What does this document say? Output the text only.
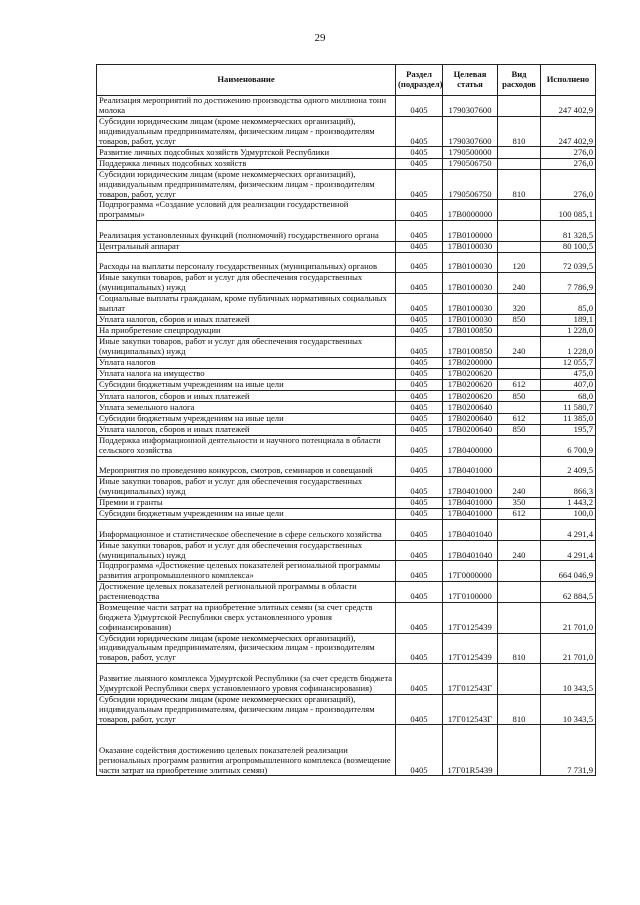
29
Наименование	Раздел (подраздел)	Целевая статья	Вид расходов	Исполнено
Реализация мероприятий по достижению производства одного миллиона тонн молока	0405	1790307600		247 402,9
Субсидии юридическим лицам (кроме некоммерческих организаций), индивидуальным предпринимателям, физическим лицам - производителям товаров, работ, услуг	0405	1790307600	810	247 402,9
Развитие личных подсобных хозяйств Удмуртской Республики	0405	1790500000		276,0
Поддержка личных подсобных хозяйств	0405	1790506750		276,0
Субсидии юридическим лицам (кроме некоммерческих организаций), индивидуальным предпринимателям, физическим лицам - производителям товаров, работ, услуг	0405	1790506750	810	276,0
Подпрограмма «Создание условий для реализации государственной программы»	0405	17В0000000		100 085,1
Реализация установленных функций (полномочий) государственного органа	0405	17В0100000		81 328,5
Центральный аппарат	0405	17В0100030		80 100,5
Расходы на выплаты персоналу государственных (муниципальных) органов	0405	17В0100030	120	72 039,5
Иные закупки товаров, работ и услуг для обеспечения государственных (муниципальных) нужд	0405	17В0100030	240	7 786,9
Социальные выплаты гражданам, кроме публичных нормативных социальных выплат	0405	17В0100030	320	85,0
Уплата налогов, сборов и иных платежей	0405	17В0100030	850	189,1
На приобретение спецпродукции	0405	17В0100850		1 228,0
Иные закупки товаров, работ и услуг для обеспечения государственных (муниципальных) нужд	0405	17В0100850	240	1 228,0
Уплата налогов	0405	17В0200000		12 055,7
Уплата налога на имущество	0405	17В0200620		475,0
Субсидии бюджетным учреждениям на иные цели	0405	17В0200620	612	407,0
Уплата налогов, сборов и иных платежей	0405	17В0200620	850	68,0
Уплата земельного налога	0405	17В0200640		11 580,7
Субсидии бюджетным учреждениям на иные цели	0405	17В0200640	612	11 385,0
Уплата налогов, сборов и иных платежей	0405	17В0200640	850	195,7
Поддержка информационной деятельности и научного потенциала в области сельского хозяйства	0405	17В0400000		6 700,9
Мероприятия по проведению конкурсов, смотров, семинаров и совещаний	0405	17В0401000		2 409,5
Иные закупки товаров, работ и услуг для обеспечения государственных (муниципальных) нужд	0405	17В0401000	240	866,3
Премии и гранты	0405	17В0401000	350	1 443,2
Субсидии бюджетным учреждениям на иные цели	0405	17В0401000	612	100,0
Информационное и статистическое обеспечение в сфере сельского хозяйства	0405	17В0401040		4 291,4
Иные закупки товаров, работ и услуг для обеспечения государственных (муниципальных) нужд	0405	17В0401040	240	4 291,4
Подпрограмма «Достижение целевых показателей региональной программы развития агропромышленного комплекса»	0405	17Г0000000		664 046,9
Достижение целевых показателей региональной программы в области растениеводства	0405	17Г0100000		62 884,5
Возмещение части затрат на приобретение элитных семян (за счет средств бюджета Удмуртской Республики сверх установленного уровня софинансирования)	0405	17Г0125439		21 701,0
Субсидии юридическим лицам (кроме некоммерческих организаций), индивидуальным предпринимателям, физическим лицам - производителям товаров, работ, услуг	0405	17Г0125439	810	21 701,0
Развитие льняного комплекса Удмуртской Республики (за счет средств бюджета Удмуртской Республики сверх установленного уровня софинансирования)	0405	17Г012543Г		10 343,5
Субсидии юридическим лицам (кроме некоммерческих организаций), индивидуальным предпринимателям, физическим лицам - производителям товаров, работ, услуг	0405	17Г012543Г	810	10 343,5
Оказание содействия достижению целевых показателей реализации региональных программ развития агропромышленного комплекса (возмещение части затрат на приобретение элитных семян)	0405	17Г01R5439		7 731,9
